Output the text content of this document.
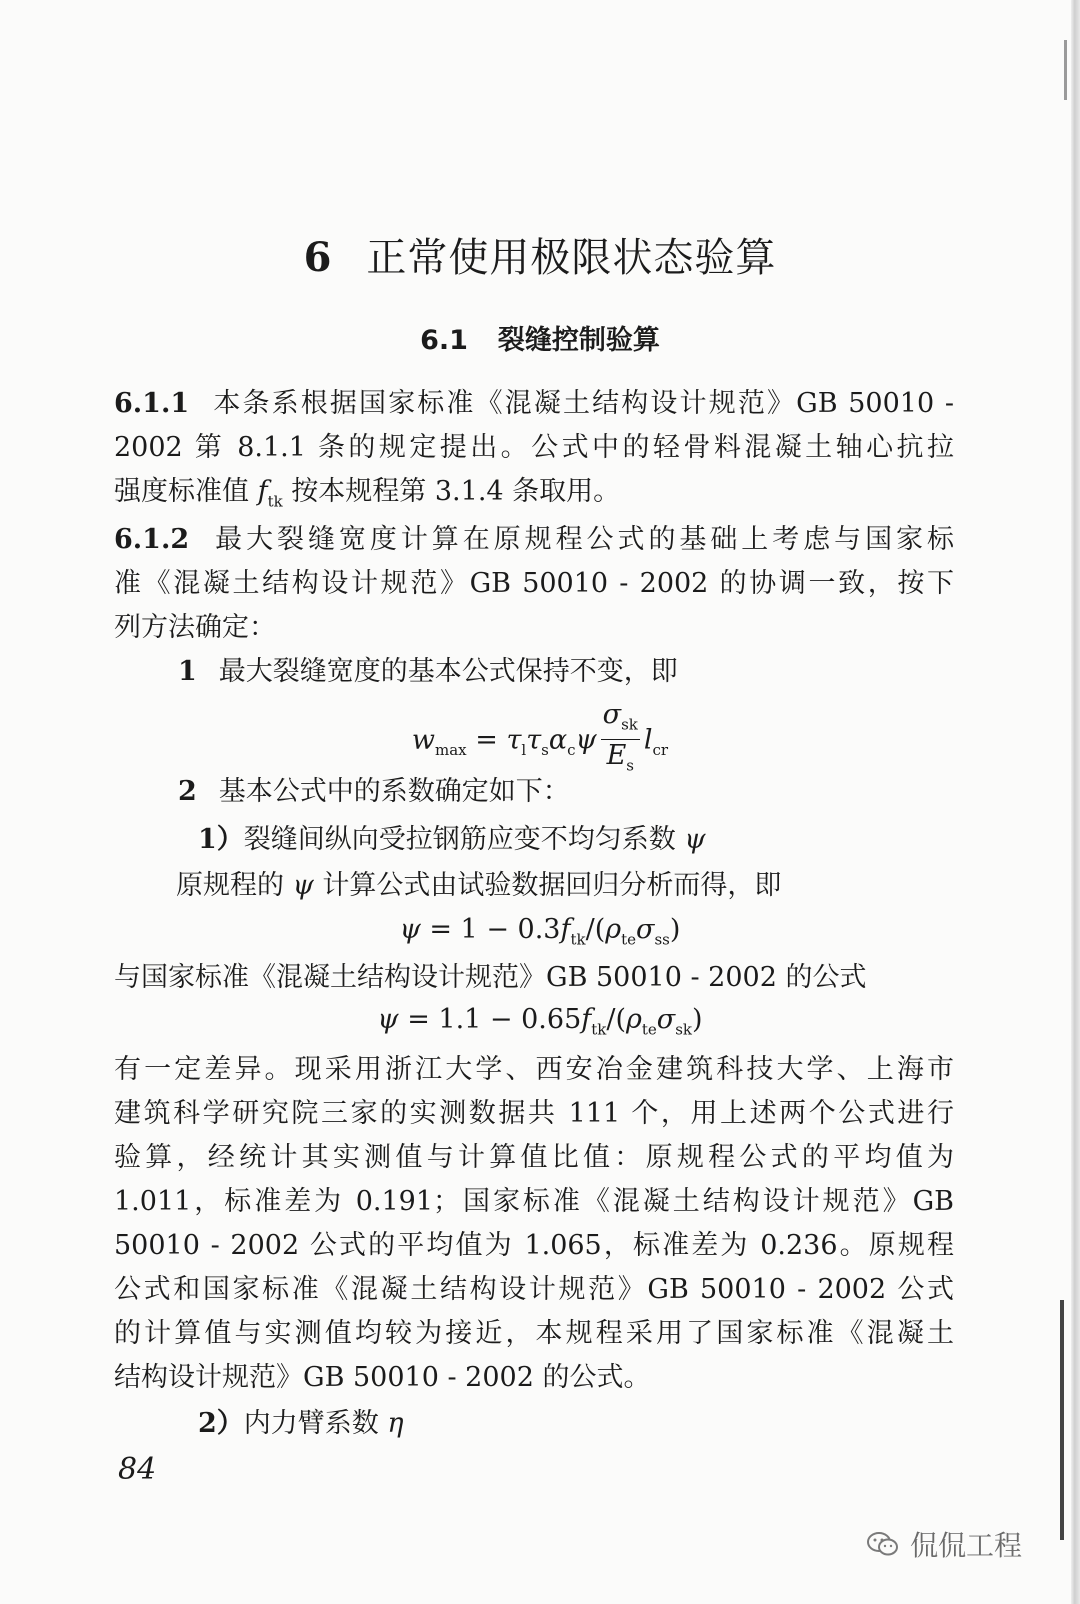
6 正常使用极限状态验算
6.1 裂缝控制验算
6.1.1 本条系根据国家标准《混凝土结构设计规范》GB 50010 -
2002 第 8.1.1 条的规定提出。公式中的轻骨料混凝土轴心抗拉
强度标准值 $f_{tk}$ 按本规程第 3.1.4 条取用。
6.1.2 最大裂缝宽度计算在原规程公式的基础上考虑与国家标
准《混凝土结构设计规范》GB 50010 - 2002 的协调一致，按下
列方法确定：
1 最大裂缝宽度的基本公式保持不变，即
$w_{max} = \tau_l\tau_s\alpha_c\psi \frac{\sigma_{sk}}{E_s} l_{cr}$
2 基本公式中的系数确定如下：
1）裂缝间纵向受拉钢筋应变不均匀系数 ψ
原规程的 ψ 计算公式由试验数据回归分析而得，即
$\psi = 1 - 0.3f_{tk}/(\rho_{te}\sigma_{ss})$
与国家标准《混凝土结构设计规范》GB 50010 - 2002 的公式
$\psi = 1.1 - 0.65f_{tk}/(\rho_{te}\sigma_{sk})$
有一定差异。现采用浙江大学、西安冶金建筑科技大学、上海市
建筑科学研究院三家的实测数据共 111 个，用上述两个公式进行
验算，经统计其实测值与计算值比值：原规程公式的平均值为
1.011，标准差为 0.191；国家标准《混凝土结构设计规范》GB
50010 - 2002 公式的平均值为 1.065，标准差为 0.236。原规程
公式和国家标准《混凝土结构设计规范》GB 50010 - 2002 公式
的计算值与实测值均较为接近，本规程采用了国家标准《混凝土
结构设计规范》GB 50010 - 2002 的公式。
2）内力臂系数 η
84
侃侃工程
